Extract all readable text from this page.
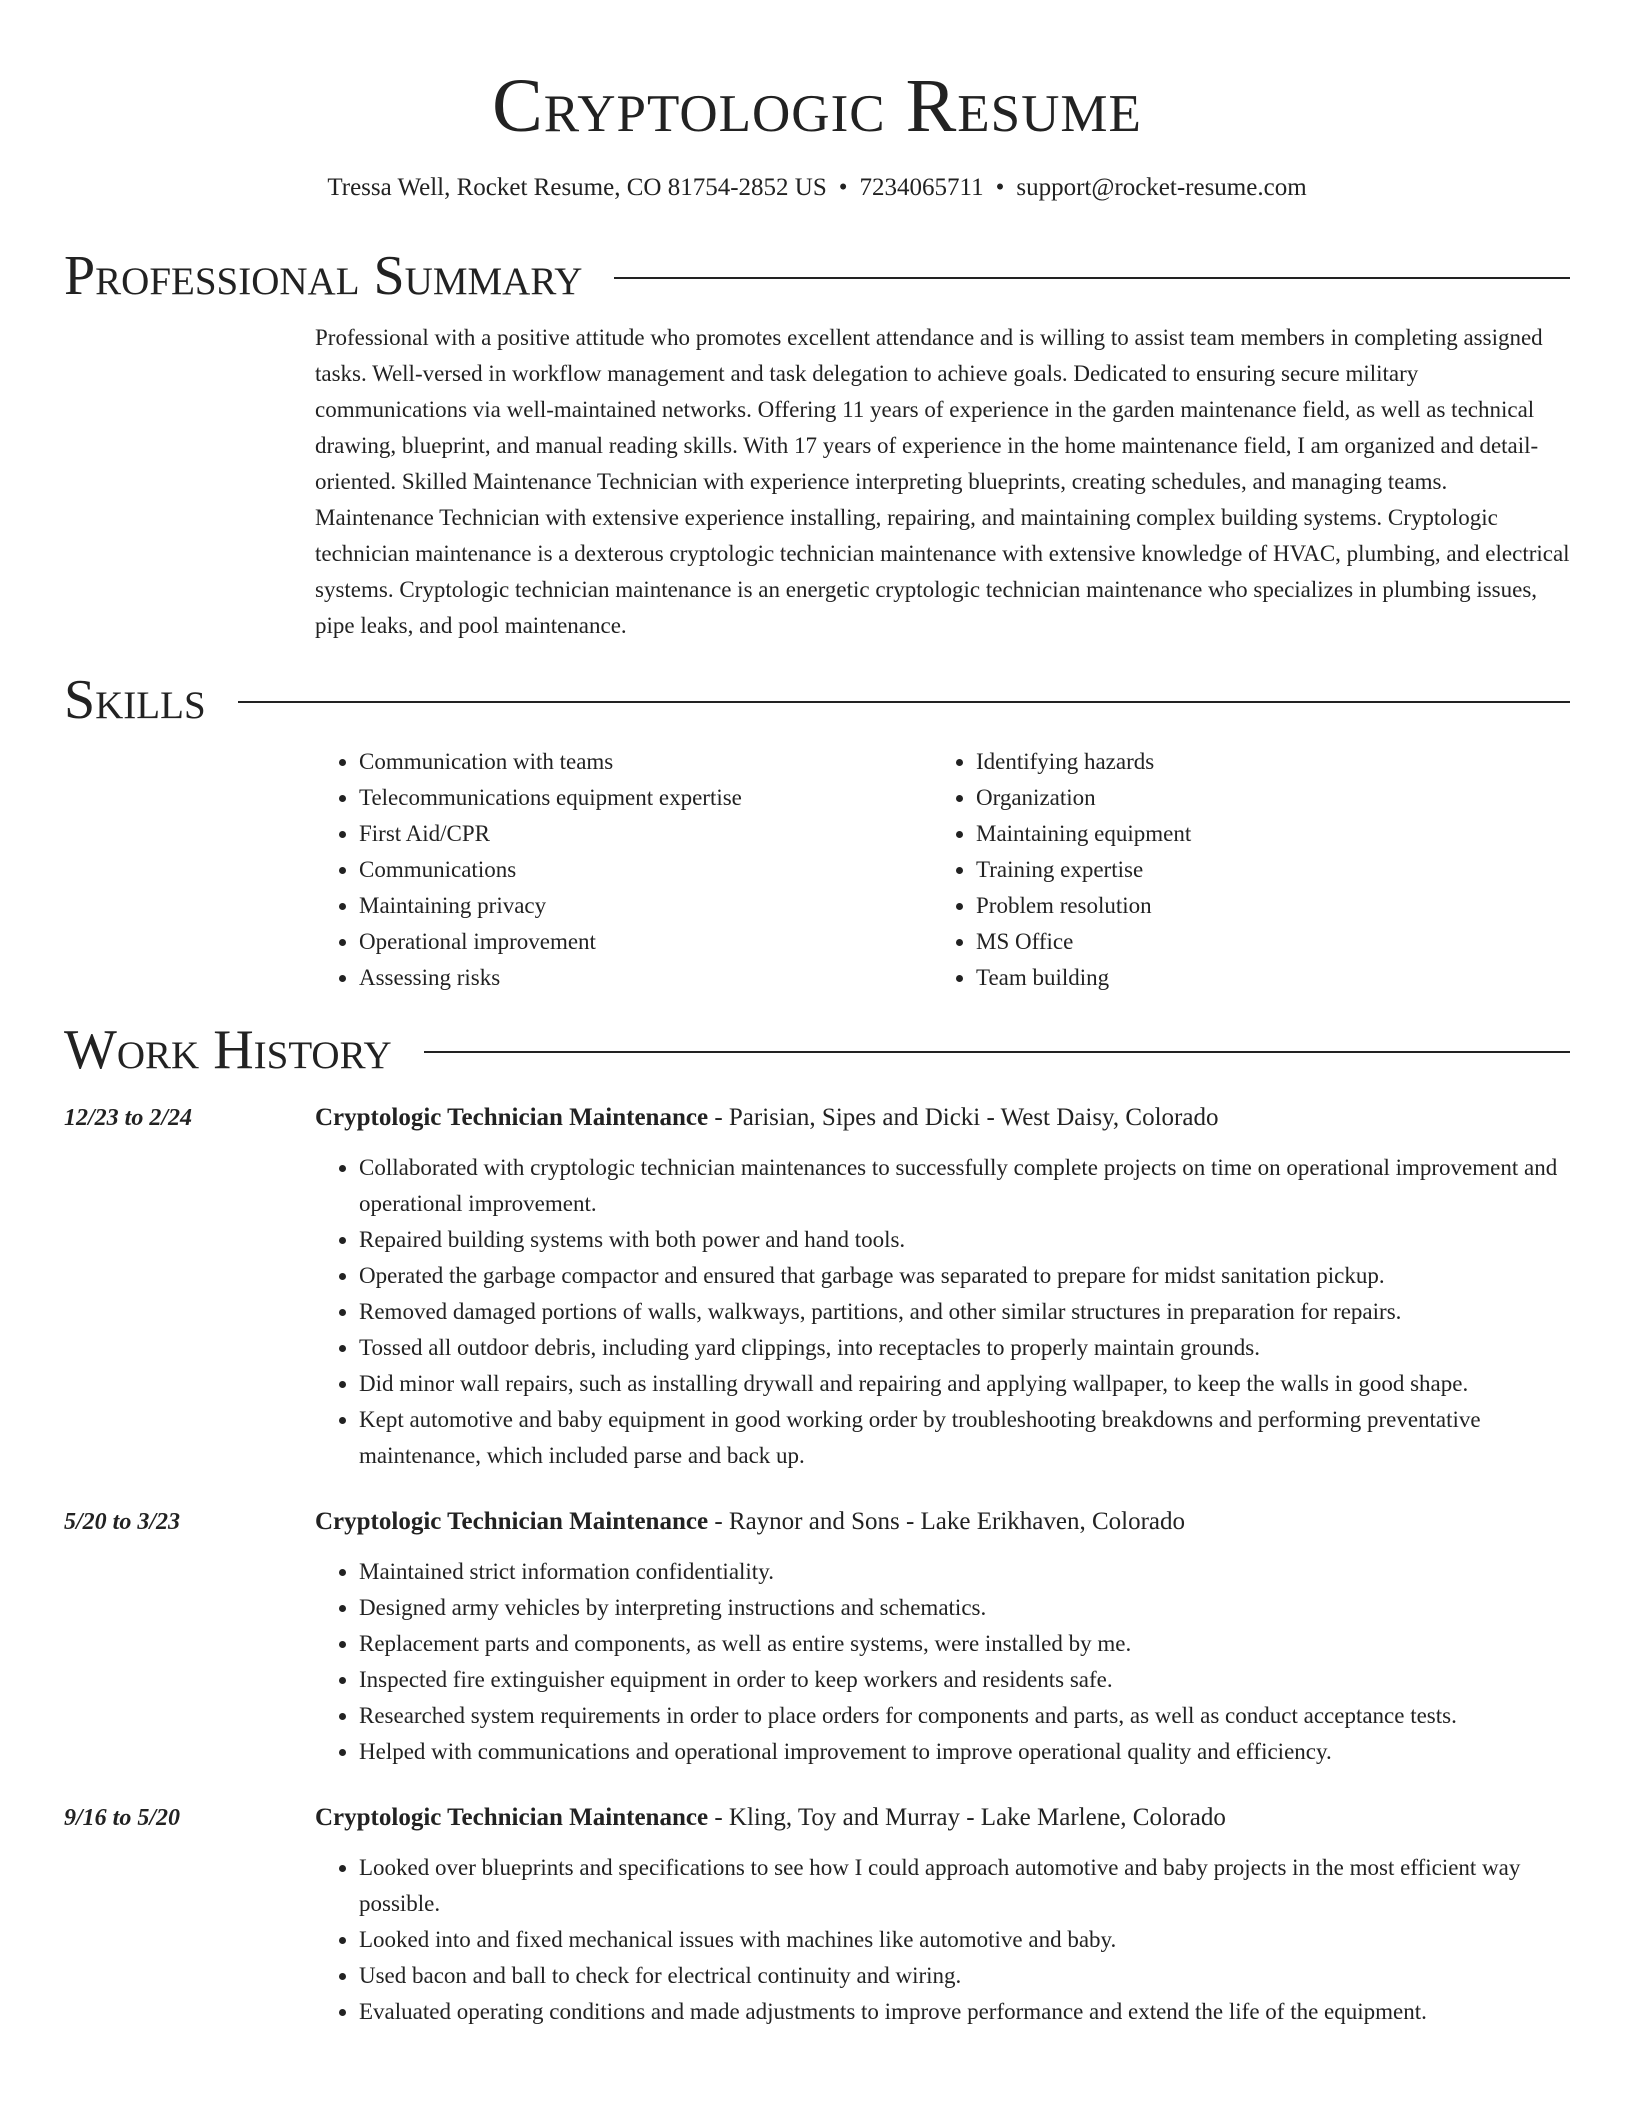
Cryptologic Resume
Tressa Well, Rocket Resume, CO 81754-2852 US • 7234065711 • support@rocket-resume.com
Professional Summary
Professional with a positive attitude who promotes excellent attendance and is willing to assist team members in completing assigned tasks. Well-versed in workflow management and task delegation to achieve goals. Dedicated to ensuring secure military communications via well-maintained networks. Offering 11 years of experience in the garden maintenance field, as well as technical drawing, blueprint, and manual reading skills. With 17 years of experience in the home maintenance field, I am organized and detail-oriented. Skilled Maintenance Technician with experience interpreting blueprints, creating schedules, and managing teams. Maintenance Technician with extensive experience installing, repairing, and maintaining complex building systems. Cryptologic technician maintenance is a dexterous cryptologic technician maintenance with extensive knowledge of HVAC, plumbing, and electrical systems. Cryptologic technician maintenance is an energetic cryptologic technician maintenance who specializes in plumbing issues, pipe leaks, and pool maintenance.
Skills
• Communication with teams
• Telecommunications equipment expertise
• First Aid/CPR
• Communications
• Maintaining privacy
• Operational improvement
• Assessing risks
• Identifying hazards
• Organization
• Maintaining equipment
• Training expertise
• Problem resolution
• MS Office
• Team building
Work History
12/23 to 2/24	Cryptologic Technician Maintenance - Parisian, Sipes and Dicki - West Daisy, Colorado
• Collaborated with cryptologic technician maintenances to successfully complete projects on time on operational improvement and operational improvement.
• Repaired building systems with both power and hand tools.
• Operated the garbage compactor and ensured that garbage was separated to prepare for midst sanitation pickup.
• Removed damaged portions of walls, walkways, partitions, and other similar structures in preparation for repairs.
• Tossed all outdoor debris, including yard clippings, into receptacles to properly maintain grounds.
• Did minor wall repairs, such as installing drywall and repairing and applying wallpaper, to keep the walls in good shape.
• Kept automotive and baby equipment in good working order by troubleshooting breakdowns and performing preventative maintenance, which included parse and back up.
5/20 to 3/23	Cryptologic Technician Maintenance - Raynor and Sons - Lake Erikhaven, Colorado
• Maintained strict information confidentiality.
• Designed army vehicles by interpreting instructions and schematics.
• Replacement parts and components, as well as entire systems, were installed by me.
• Inspected fire extinguisher equipment in order to keep workers and residents safe.
• Researched system requirements in order to place orders for components and parts, as well as conduct acceptance tests.
• Helped with communications and operational improvement to improve operational quality and efficiency.
9/16 to 5/20	Cryptologic Technician Maintenance - Kling, Toy and Murray - Lake Marlene, Colorado
• Looked over blueprints and specifications to see how I could approach automotive and baby projects in the most efficient way possible.
• Looked into and fixed mechanical issues with machines like automotive and baby.
• Used bacon and ball to check for electrical continuity and wiring.
• Evaluated operating conditions and made adjustments to improve performance and extend the life of the equipment.
